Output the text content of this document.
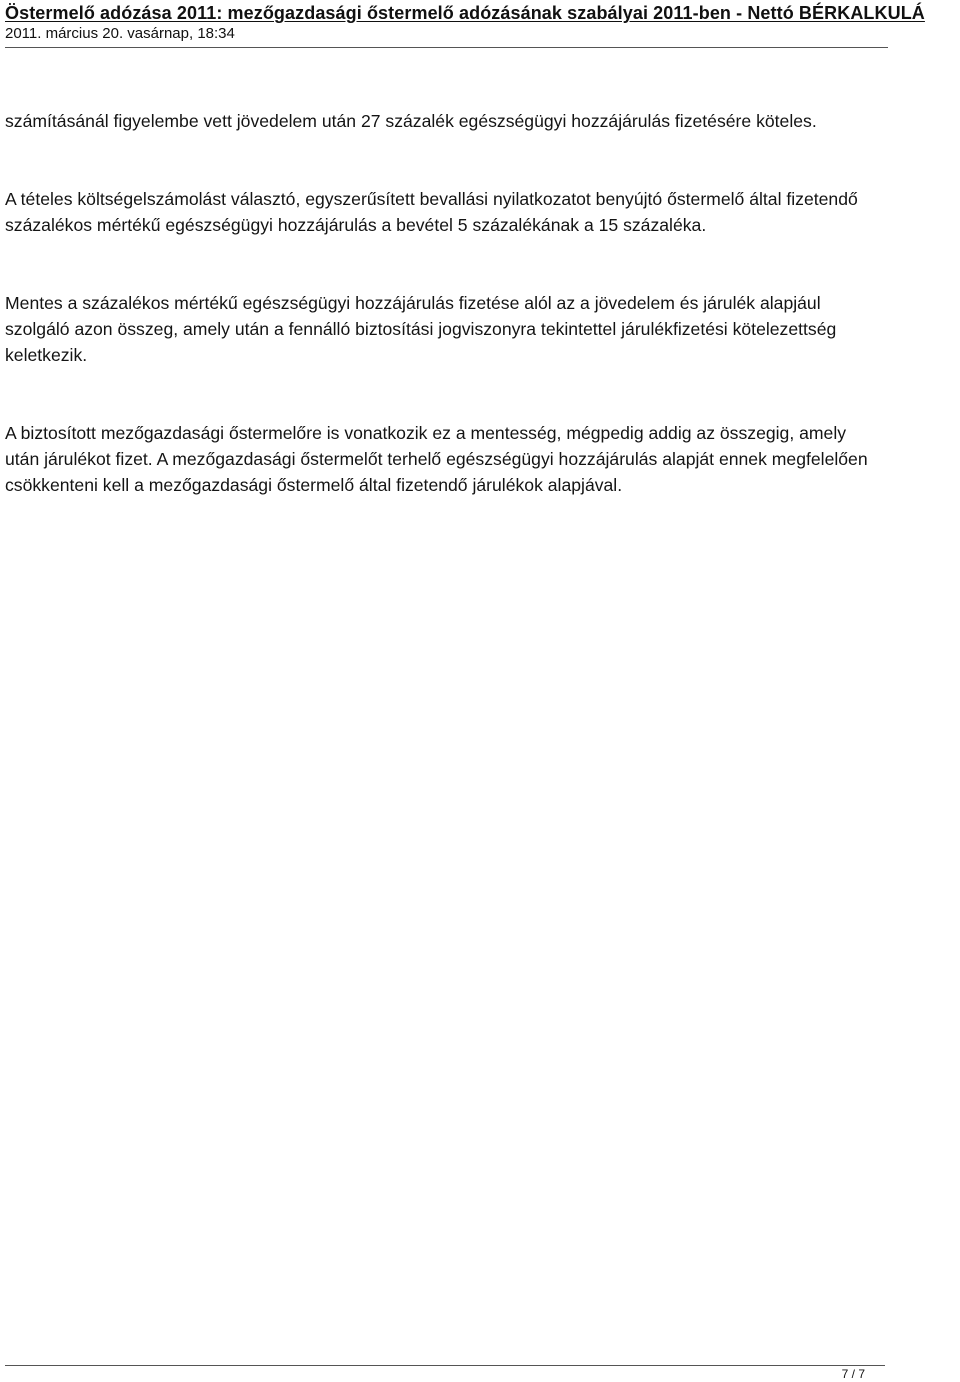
Östermelő adózása 2011: mezőgazdasági őstermelő adózásának szabályai 2011-ben - Nettó BÉRKALKULÁ
2011. március 20. vasárnap, 18:34

számításánál figyelembe vett jövedelem után 27 százalék egészségügyi hozzájárulás fizetésére köteles.

A tételes költségelszámolást választó, egyszerűsített bevallási nyilatkozatot benyújtó őstermelő által fizetendő százalékos mértékű egészségügyi hozzájárulás a bevétel 5 százalékának a 15 százaléka.

Mentes a százalékos mértékű egészségügyi hozzájárulás fizetése alól az a jövedelem és járulék alapjául szolgáló azon összeg, amely után a fennálló biztosítási jogviszonyra tekintettel járulékfizetési kötelezettség keletkezik.

A biztosított mezőgazdasági őstermelőre is vonatkozik ez a mentesség, mégpedig addig az összegig, amely után járulékot fizet. A mezőgazdasági őstermelőt terhelő egészségügyi hozzájárulás alapját ennek megfelelően csökkenteni kell a mezőgazdasági őstermelő által fizetendő járulékok alapjával.

7 / 7
